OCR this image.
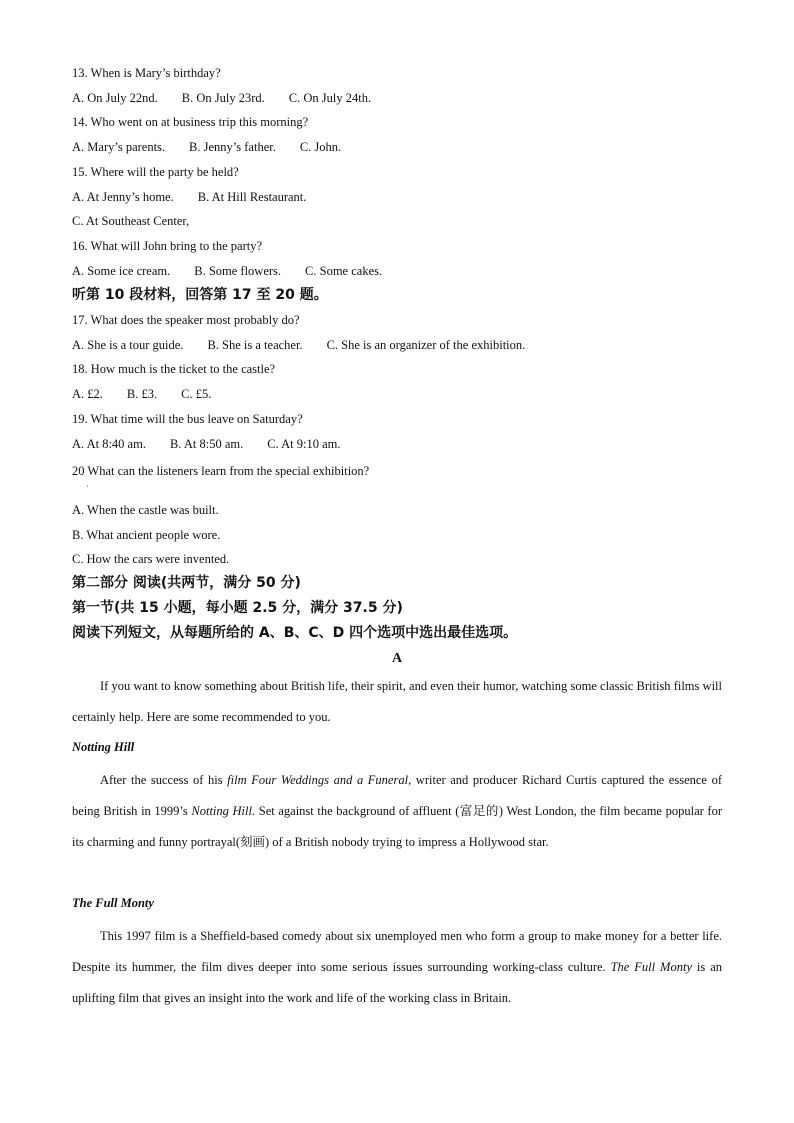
13. When is Mary’s birthday?
A. On July 22nd. B. On July 23rd. C. On July 24th.
14. Who went on at business trip this morning?
A. Mary’s parents. B. Jenny’s father. C. John.
15. Where will the party be held?
A. At Jenny’s home. B. At Hill Restaurant.
C. At Southeast Center,
16. What will John bring to the party?
A. Some ice cream. B. Some flowers. C. Some cakes.
听第 10 段材料，回答第 17 至 20 题。
17. What does the speaker most probably do?
A. She is a tour guide. B. She is a teacher. C. She is an organizer of the exhibition.
18. How much is the ticket to the castle?
A. £2. B. £3. C. £5.
19. What time will the bus leave on Saturday?
A. At 8:40 am. B. At 8:50 am. C. At 9:10 am.
20 What can the listeners learn from the special exhibition?
·
A. When the castle was built.
B. What ancient people wore.
C. How the cars were invented.
第二部分 阅读(共两节，满分 50 分)
第一节(共 15 小题，每小题 2.5 分，满分 37.5 分)
阅读下列短文，从每题所给的 A、B、C、D 四个选项中选出最佳选项。
A
If you want to know something about British life, their spirit, and even their humor, watching some classic British films will certainly help. Here are some recommended to you.
Notting Hill
After the success of his film Four Weddings and a Funeral, writer and producer Richard Curtis captured the essence of being British in 1999’s Notting Hill. Set against the background of affluent (富足的) West London, the film became popular for its charming and funny portrayal(刻画) of a British nobody trying to impress a Hollywood star.
The Full Monty
This 1997 film is a Sheffield-based comedy about six unemployed men who form a group to make money for a better life. Despite its hummer, the film dives deeper into some serious issues surrounding working-class culture. The Full Monty is an uplifting film that gives an insight into the work and life of the working class in Britain.
